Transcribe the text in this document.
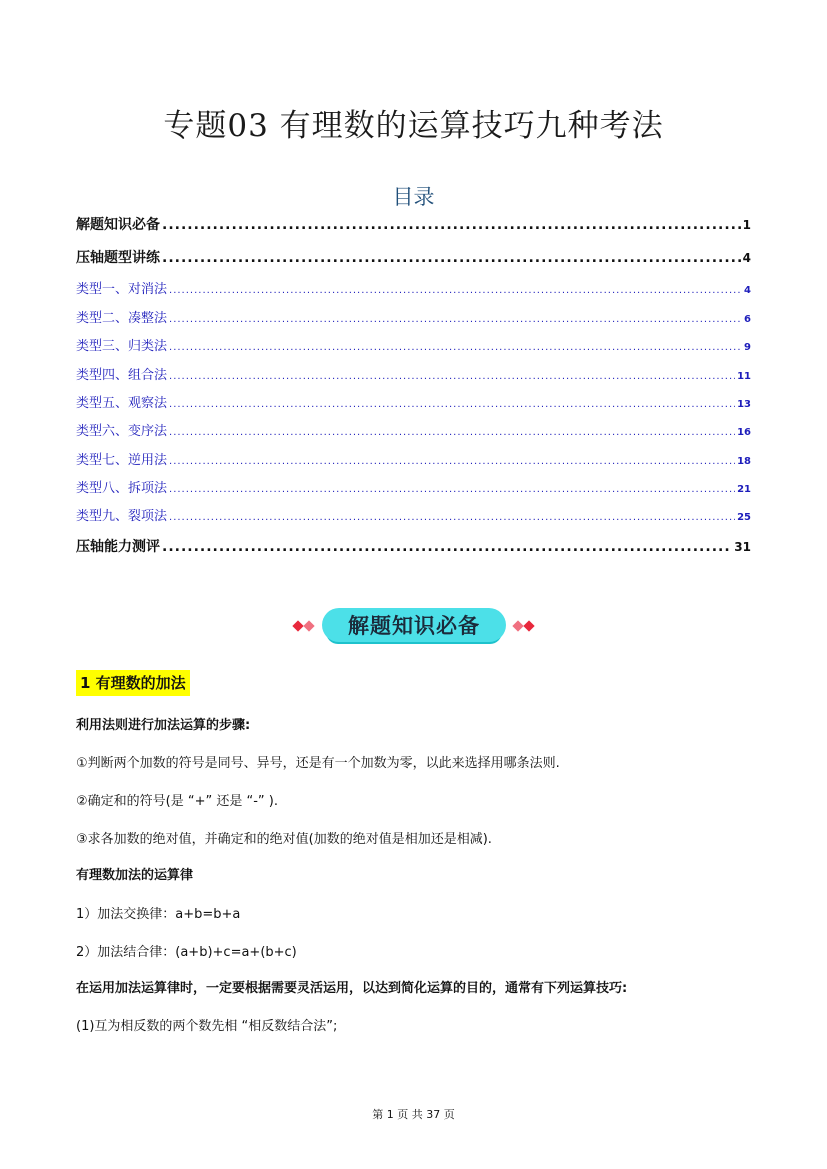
专题03 有理数的运算技巧九种考法
目录
解题知识必备 .....	1
压轴题型讲练 .....	4
类型一、对消法 .....	4
类型二、凑整法 .....	6
类型三、归类法 .....	9
类型四、组合法 .....	11
类型五、观察法 .....	13
类型六、变序法 .....	16
类型七、逆用法 .....	18
类型八、拆项法 .....	21
类型九、裂项法 .....	25
压轴能力测评 .....	31
解题知识必备
1 有理数的加法
利用法则进行加法运算的步骤:
①判断两个加数的符号是同号、异号，还是有一个加数为零，以此来选择用哪条法则.
②确定和的符号(是 “+” 还是 “-” ).
③求各加数的绝对值，并确定和的绝对值(加数的绝对值是相加还是相减).
有理数加法的运算律
1）加法交换律：a+b=b+a
2）加法结合律：(a+b)+c=a+(b+c)
在运用加法运算律时，一定要根据需要灵活运用，以达到简化运算的目的，通常有下列运算技巧:
(1)互为相反数的两个数先相 “相反数结合法”;
第 1 页 共 37 页
